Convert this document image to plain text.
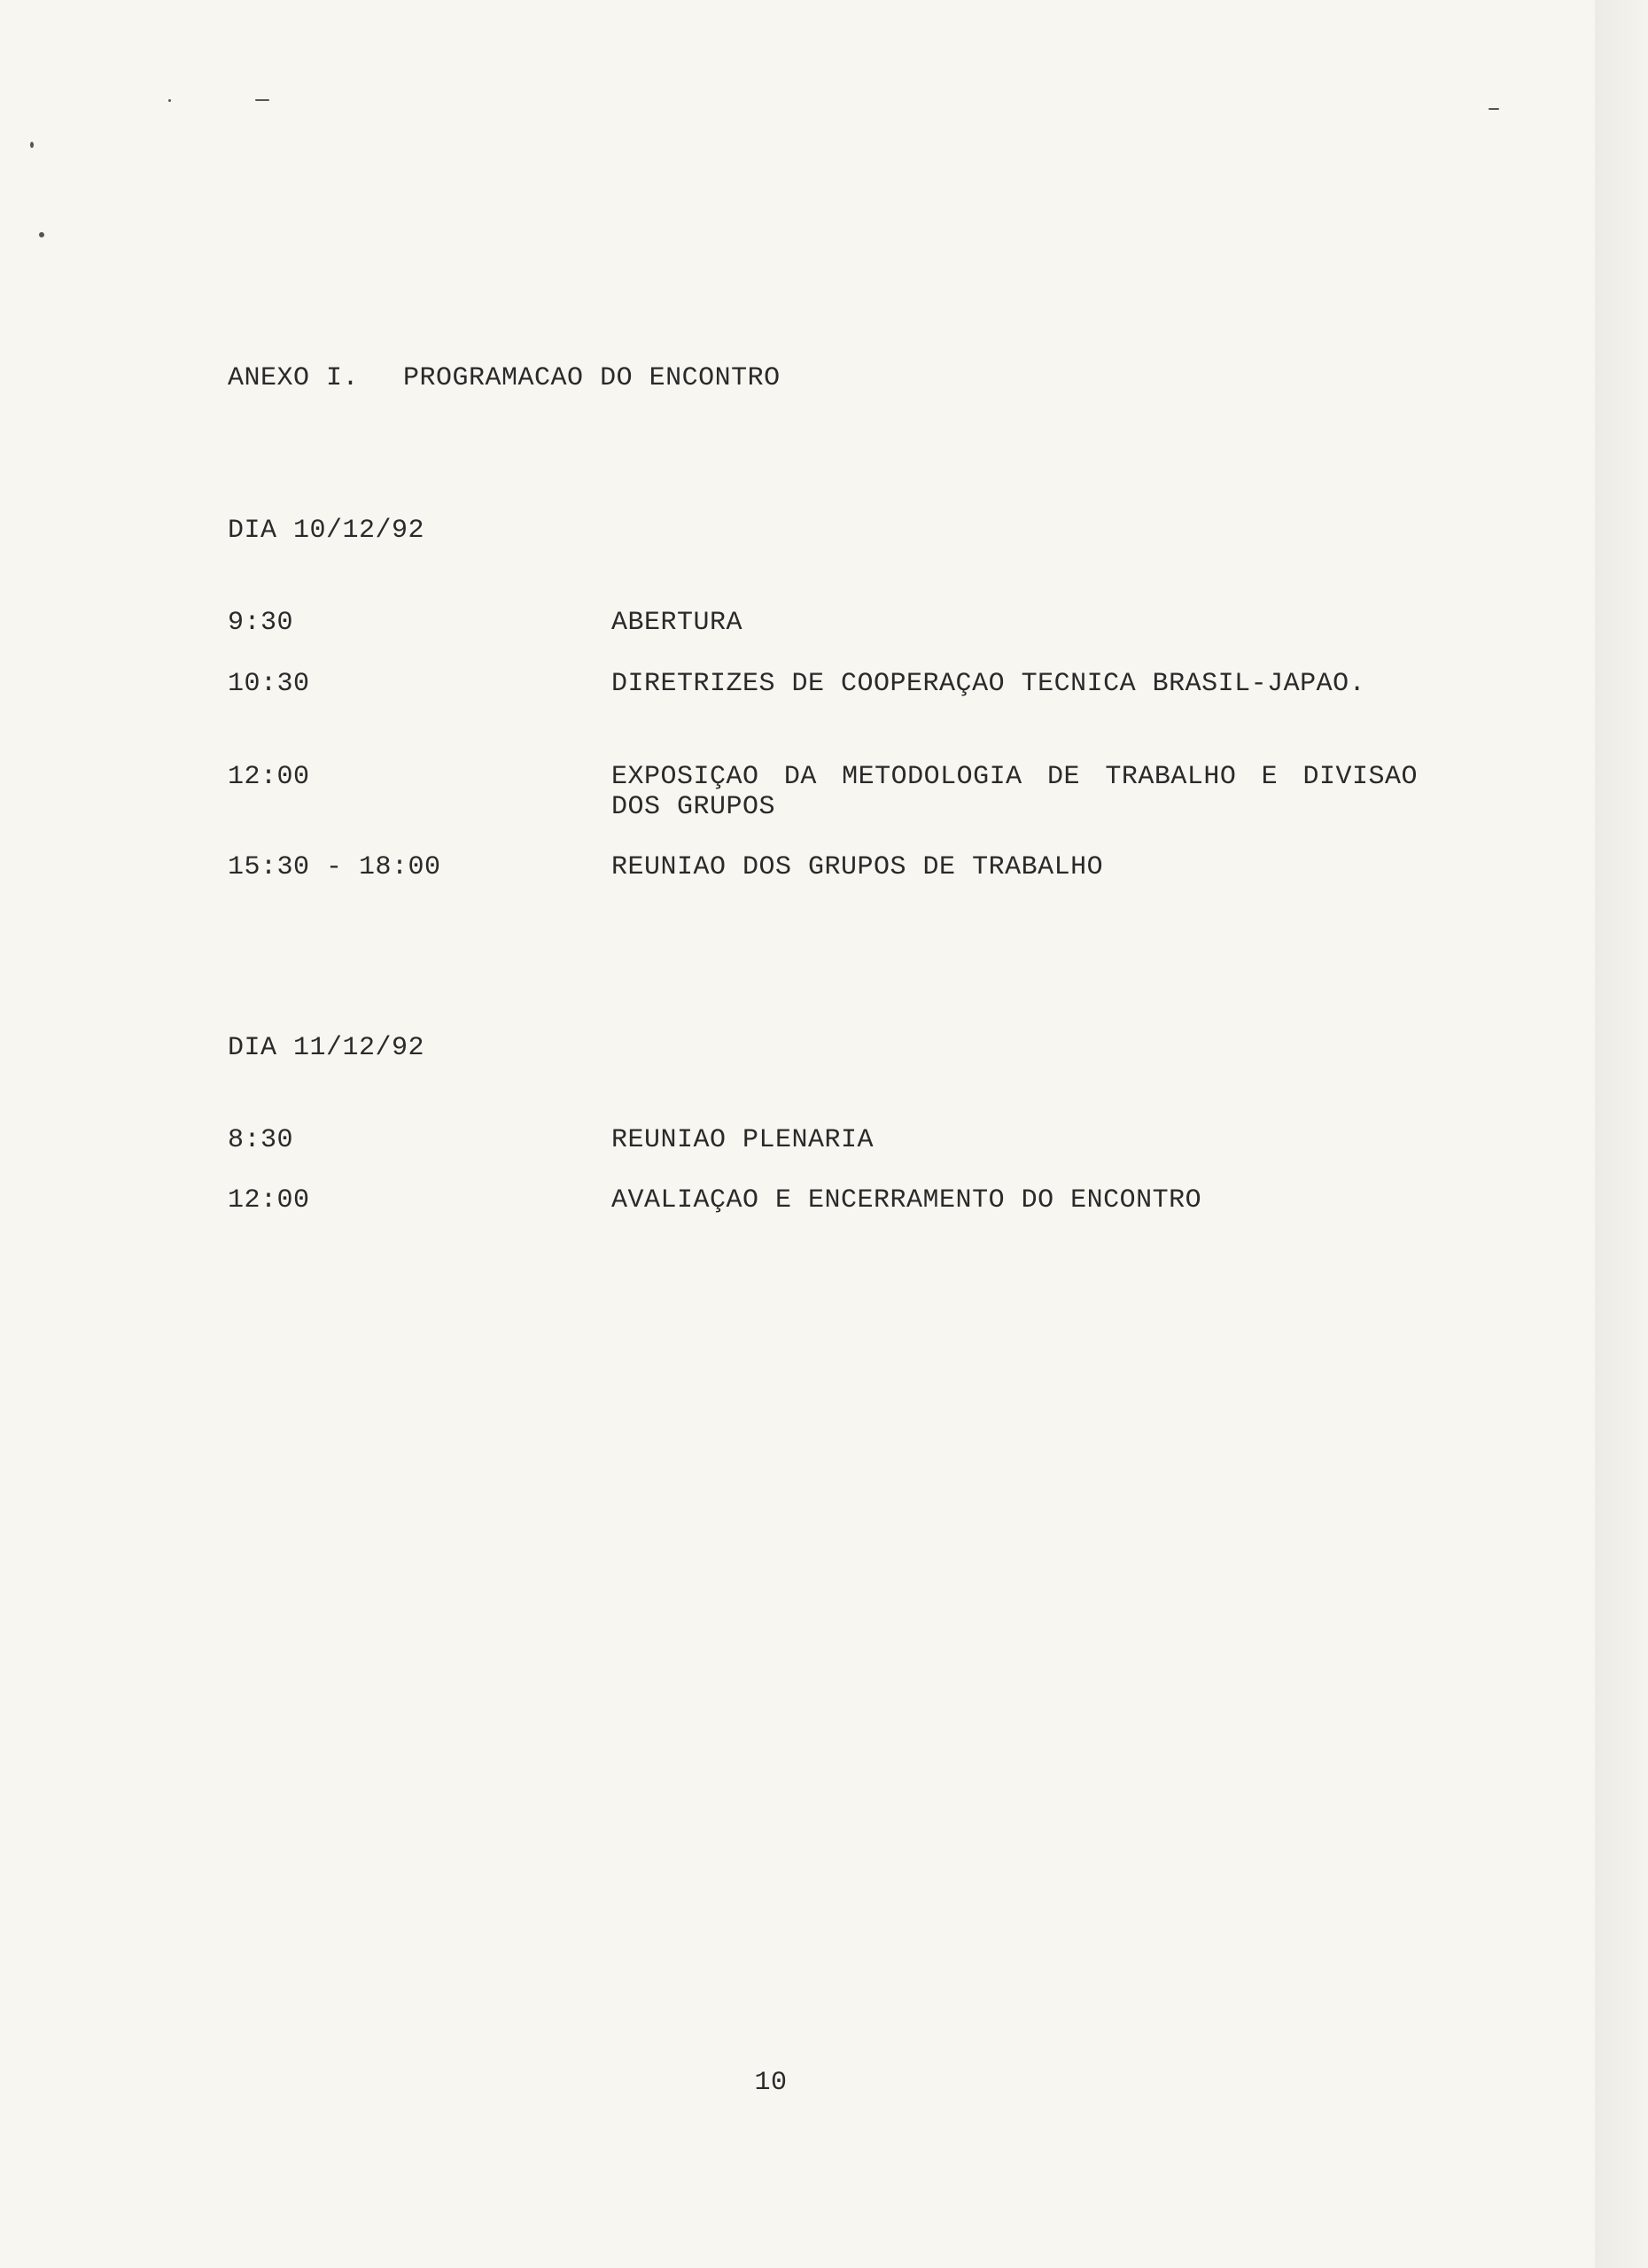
ANEXO I. PROGRAMACAO DO ENCONTRO
DIA 10/12/92
9:30	ABERTURA
10:30	DIRETRIZES DE COOPERAÇAO TECNICA BRASIL-JAPAO.
12:00	EXPOSIÇAO DA METODOLOGIA DE TRABALHO E DIVISAO DOS GRUPOS
15:30 - 18:00	REUNIAO DOS GRUPOS DE TRABALHO
DIA 11/12/92
8:30	REUNIAO PLENARIA
12:00	AVALIAÇAO E ENCERRAMENTO DO ENCONTRO
10
